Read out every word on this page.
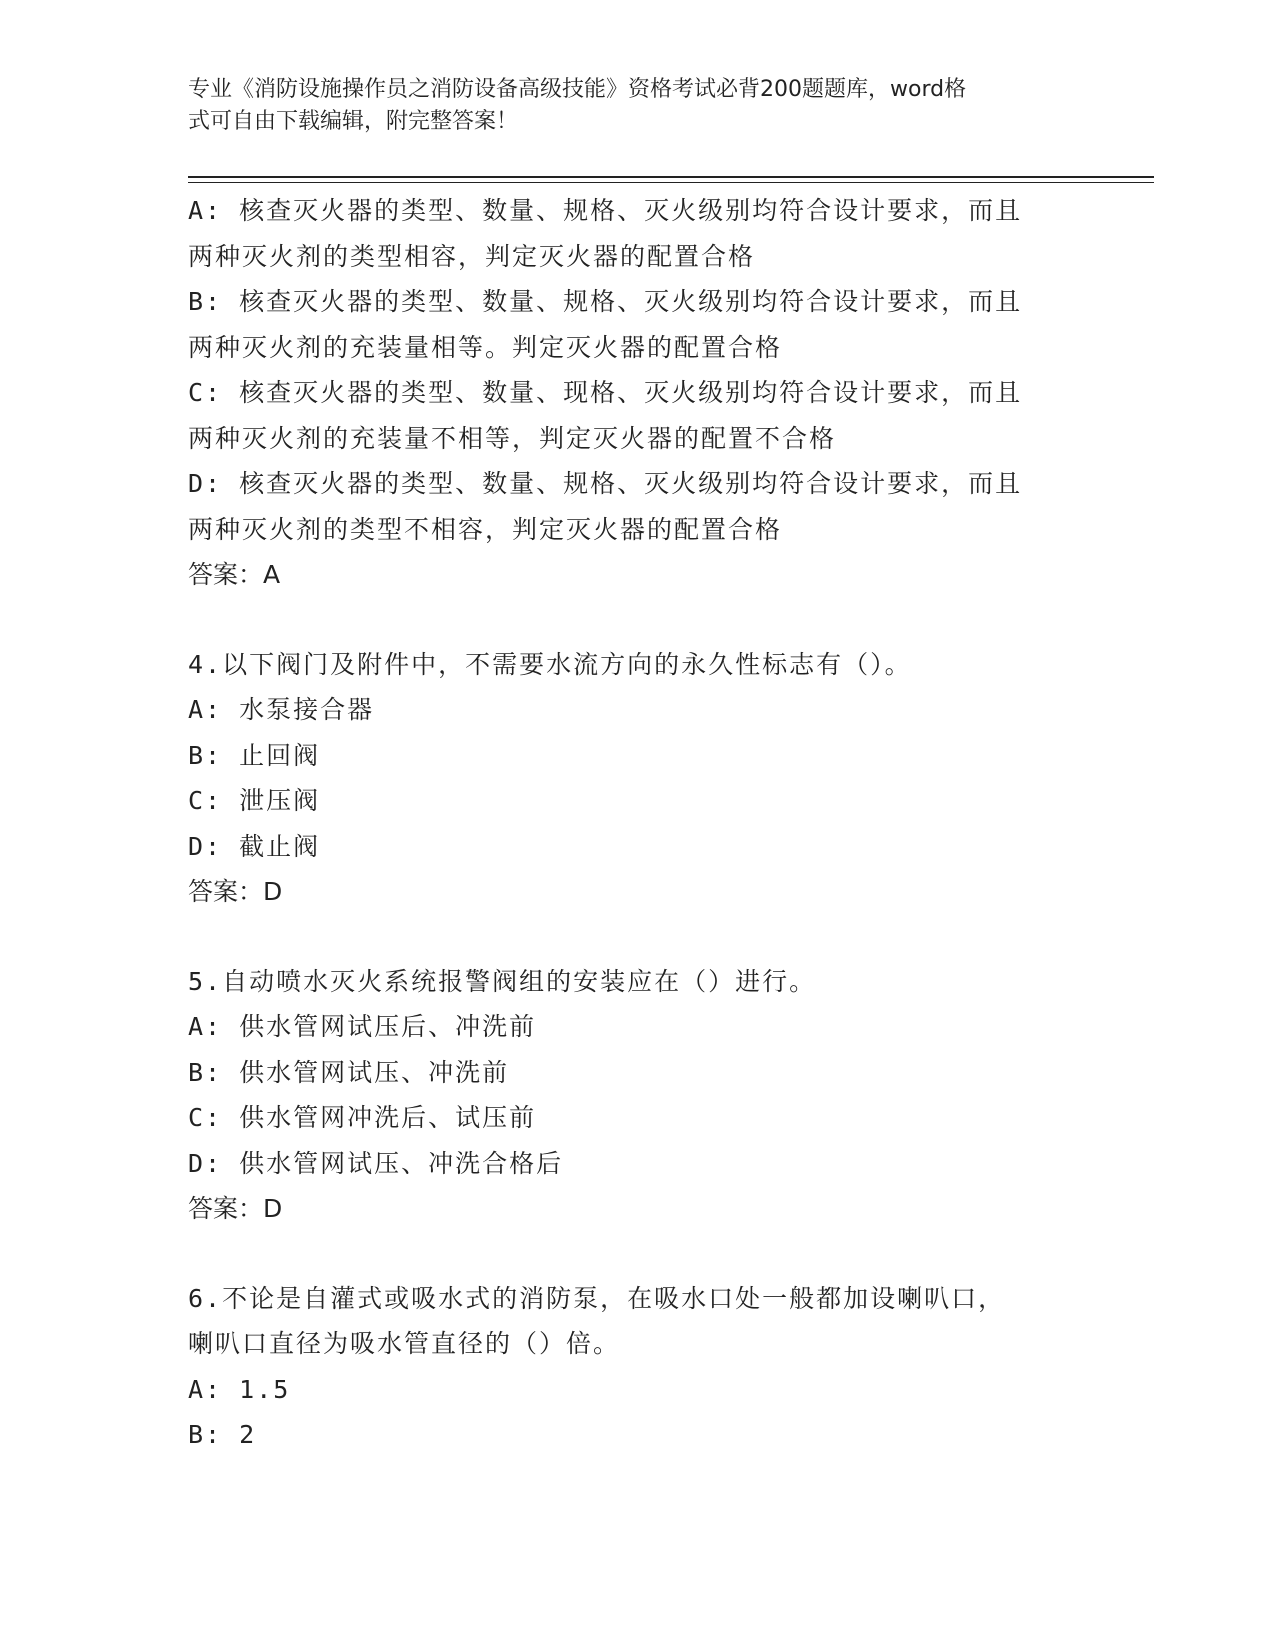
专业《消防设施操作员之消防设备高级技能》资格考试必背200题题库，word格
式可自由下载编辑，附完整答案！
A: 核查灭火器的类型、数量、规格、灭火级别均符合设计要求，而且
两种灭火剂的类型相容，判定灭火器的配置合格
B: 核查灭火器的类型、数量、规格、灭火级别均符合设计要求，而且
两种灭火剂的充装量相等。判定灭火器的配置合格
C: 核查灭火器的类型、数量、现格、灭火级别均符合设计要求，而且
两种灭火剂的充装量不相等，判定灭火器的配置不合格
D: 核查灭火器的类型、数量、规格、灭火级别均符合设计要求，而且
两种灭火剂的类型不相容，判定灭火器的配置合格
答案：A
4.以下阀门及附件中，不需要水流方向的永久性标志有（）。
A: 水泵接合器
B: 止回阀
C: 泄压阀
D: 截止阀
答案：D
5.自动喷水灭火系统报警阀组的安装应在（）进行。
A: 供水管网试压后、冲洗前
B: 供水管网试压、冲洗前
C: 供水管网冲洗后、试压前
D: 供水管网试压、冲洗合格后
答案：D
6.不论是自灌式或吸水式的消防泵，在吸水口处一般都加设喇叭口，
喇叭口直径为吸水管直径的（）倍。
A: 1.5
B: 2
